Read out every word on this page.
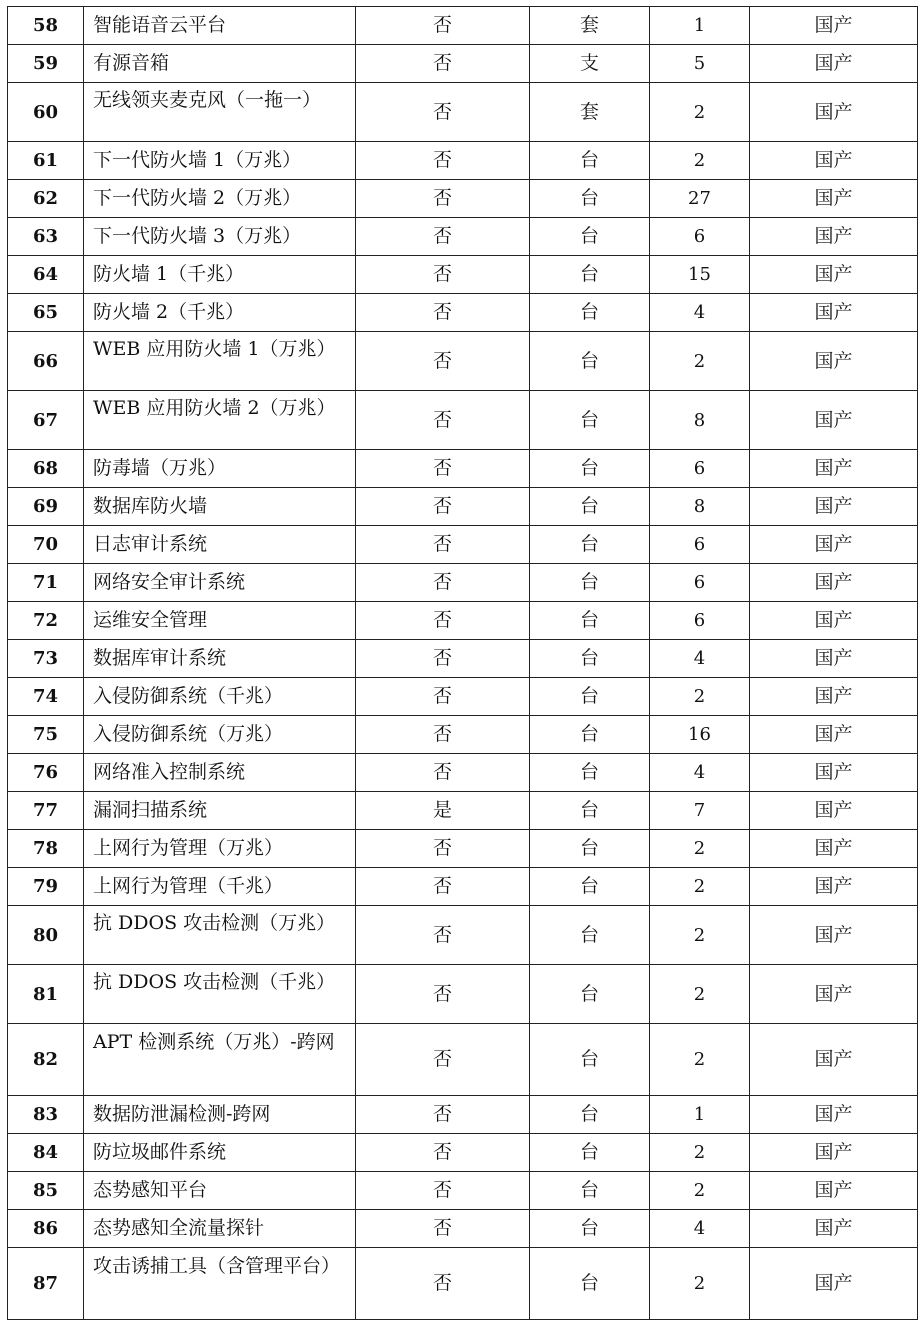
58	智能语音云平台	否	套	1	国产
59	有源音箱	否	支	5	国产
60	无线领夹麦克风（一拖一）	否	套	2	国产
61	下一代防火墙 1（万兆）	否	台	2	国产
62	下一代防火墙 2（万兆）	否	台	27	国产
63	下一代防火墙 3（万兆）	否	台	6	国产
64	防火墙 1（千兆）	否	台	15	国产
65	防火墙 2（千兆）	否	台	4	国产
66	WEB 应用防火墙 1（万兆）	否	台	2	国产
67	WEB 应用防火墙 2（万兆）	否	台	8	国产
68	防毒墙（万兆）	否	台	6	国产
69	数据库防火墙	否	台	8	国产
70	日志审计系统	否	台	6	国产
71	网络安全审计系统	否	台	6	国产
72	运维安全管理	否	台	6	国产
73	数据库审计系统	否	台	4	国产
74	入侵防御系统（千兆）	否	台	2	国产
75	入侵防御系统（万兆）	否	台	16	国产
76	网络准入控制系统	否	台	4	国产
77	漏洞扫描系统	是	台	7	国产
78	上网行为管理（万兆）	否	台	2	国产
79	上网行为管理（千兆）	否	台	2	国产
80	抗 DDOS 攻击检测（万兆）	否	台	2	国产
81	抗 DDOS 攻击检测（千兆）	否	台	2	国产
82	APT 检测系统（万兆）-跨网	否	台	2	国产
83	数据防泄漏检测-跨网	否	台	1	国产
84	防垃圾邮件系统	否	台	2	国产
85	态势感知平台	否	台	2	国产
86	态势感知全流量探针	否	台	4	国产
87	攻击诱捕工具（含管理平台）	否	台	2	国产
